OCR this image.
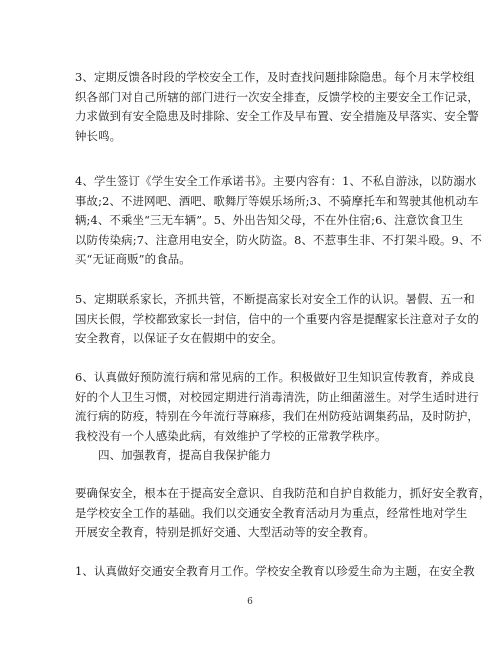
3、定期反馈各时段的学校安全工作，及时查找问题排除隐患。每个月末学校组
织各部门对自己所辖的部门进行一次安全排查，反馈学校的主要安全工作记录，
力求做到有安全隐患及时排除、安全工作及早布置、安全措施及早落实、安全警
钟长鸣。
4、学生签订《学生安全工作承诺书》。主要内容有：1、不私自游泳，以防溺水
事故;2、不进网吧、酒吧、歌舞厅等娱乐场所;3、不骑摩托车和驾驶其他机动车
辆;4、不乘坐“三无车辆”。5、外出告知父母，不在外住宿;6、注意饮食卫生
以防传染病;7、注意用电安全，防火防盗。8、不惹事生非、不打架斗殴。9、不
买“无证商贩”的食品。
5、定期联系家长，齐抓共管，不断提高家长对安全工作的认识。暑假、五一和
国庆长假，学校都致家长一封信，信中的一个重要内容是提醒家长注意对子女的
安全教育，以保证子女在假期中的安全。
6、认真做好预防流行病和常见病的工作。积极做好卫生知识宣传教育，养成良
好的个人卫生习惯，对校园定期进行消毒清洗，防止细菌滋生。对学生适时进行
流行病的防疫，特别在今年流行荨麻疹，我们在州防疫站调集药品，及时防护，
我校没有一个人感染此病，有效维护了学校的正常教学秩序。
　　四、加强教育，提高自我保护能力
要确保安全，根本在于提高安全意识、自我防范和自护自救能力，抓好安全教育，
是学校安全工作的基础。我们以交通安全教育活动月为重点，经常性地对学生
开展安全教育，特别是抓好交通、大型活动等的安全教育。
1、认真做好交通安全教育月工作。学校安全教育以珍爱生命为主题，在安全教
6
